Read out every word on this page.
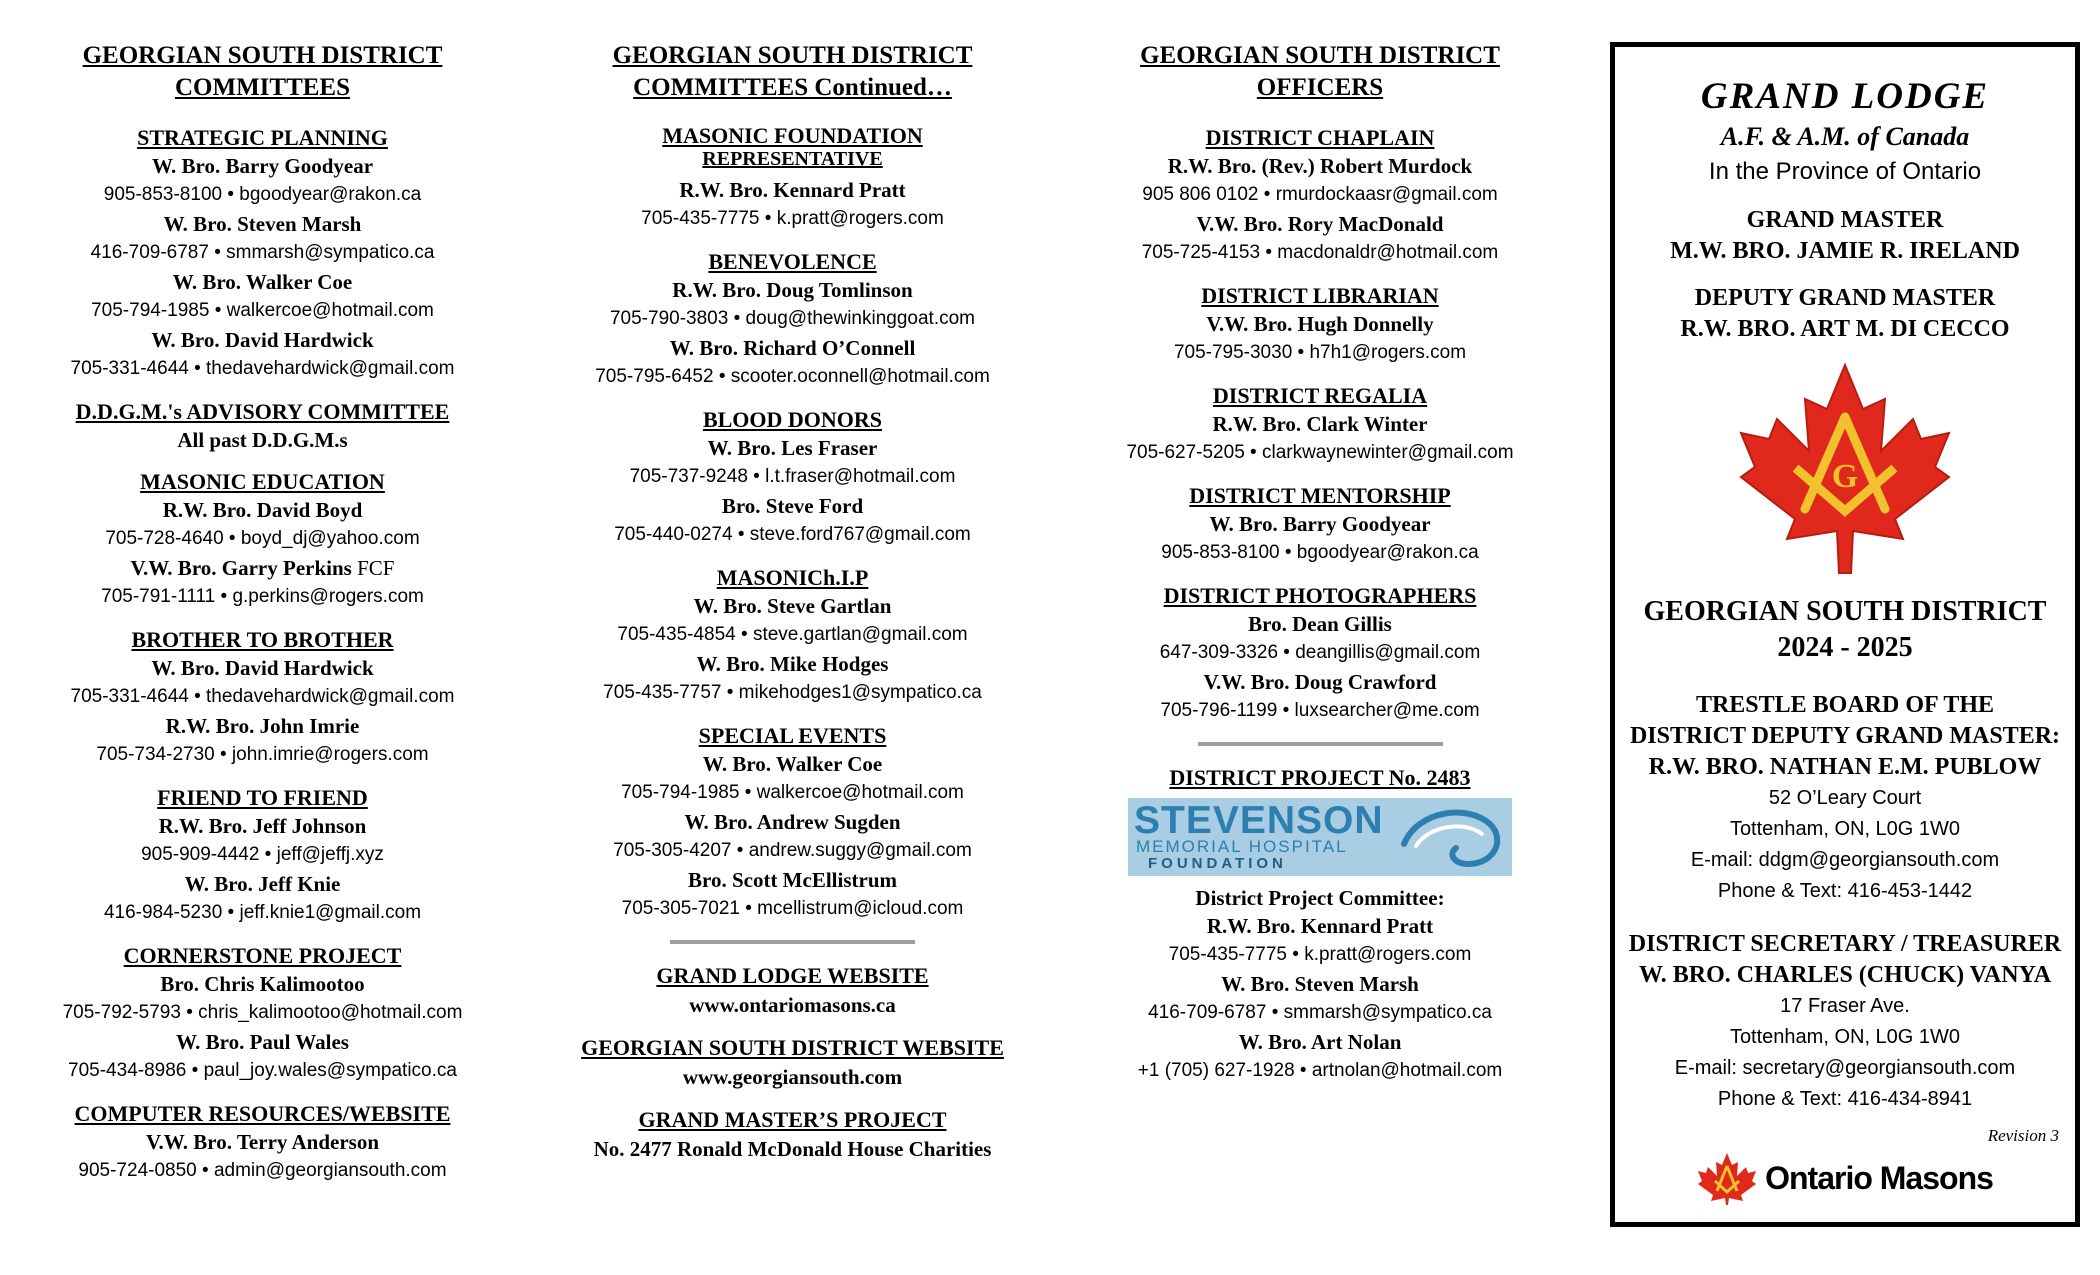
GEORGIAN SOUTH DISTRICT
COMMITTEES
STRATEGIC PLANNING
W. Bro. Barry Goodyear
905-853-8100 • bgoodyear@rakon.ca
W. Bro. Steven Marsh
416-709-6787 • smmarsh@sympatico.ca
W. Bro. Walker Coe
705-794-1985 • walkercoe@hotmail.com
W. Bro. David Hardwick
705-331-4644 • thedavehardwick@gmail.com
D.D.G.M.'s ADVISORY COMMITTEE
All past D.D.G.M.s
MASONIC EDUCATION
R.W. Bro. David Boyd
705-728-4640 • boyd_dj@yahoo.com
V.W. Bro. Garry Perkins FCF
705-791-1111 • g.perkins@rogers.com
BROTHER TO BROTHER
W. Bro. David Hardwick
705-331-4644 • thedavehardwick@gmail.com
R.W. Bro. John Imrie
705-734-2730 • john.imrie@rogers.com
FRIEND TO FRIEND
R.W. Bro. Jeff Johnson
905-909-4442 • jeff@jeffj.xyz
W. Bro. Jeff Knie
416-984-5230 • jeff.knie1@gmail.com
CORNERSTONE PROJECT
Bro. Chris Kalimootoo
705-792-5793 • chris_kalimootoo@hotmail.com
W. Bro. Paul Wales
705-434-8986 • paul_joy.wales@sympatico.ca
COMPUTER RESOURCES/WEBSITE
V.W. Bro. Terry Anderson
905-724-0850 • admin@georgiansouth.com
GEORGIAN SOUTH DISTRICT
COMMITTEES Continued…
MASONIC FOUNDATION
REPRESENTATIVE
R.W. Bro. Kennard Pratt
705-435-7775 • k.pratt@rogers.com
BENEVOLENCE
R.W. Bro. Doug Tomlinson
705-790-3803 • doug@thewinkinggoat.com
W. Bro. Richard O’Connell
705-795-6452 • scooter.oconnell@hotmail.com
BLOOD DONORS
W. Bro. Les Fraser
705-737-9248 • l.t.fraser@hotmail.com
Bro. Steve Ford
705-440-0274 • steve.ford767@gmail.com
MASONICh.I.P
W. Bro. Steve Gartlan
705-435-4854 • steve.gartlan@gmail.com
W. Bro. Mike Hodges
705-435-7757 • mikehodges1@sympatico.ca
SPECIAL EVENTS
W. Bro. Walker Coe
705-794-1985 • walkercoe@hotmail.com
W. Bro. Andrew Sugden
705-305-4207 • andrew.suggy@gmail.com
Bro. Scott McEllistrum
705-305-7021 • mcellistrum@icloud.com
GRAND LODGE WEBSITE
www.ontariomasons.ca
GEORGIAN SOUTH DISTRICT WEBSITE
www.georgiansouth.com
GRAND MASTER’S PROJECT
No. 2477 Ronald McDonald House Charities
GEORGIAN SOUTH DISTRICT
OFFICERS
DISTRICT CHAPLAIN
R.W. Bro. (Rev.) Robert Murdock
905 806 0102 • rmurdockaasr@gmail.com
V.W. Bro. Rory MacDonald
705-725-4153 • macdonaldr@hotmail.com
DISTRICT LIBRARIAN
V.W. Bro. Hugh Donnelly
705-795-3030 • h7h1@rogers.com
DISTRICT REGALIA
R.W. Bro. Clark Winter
705-627-5205 • clarkwaynewinter@gmail.com
DISTRICT MENTORSHIP
W. Bro. Barry Goodyear
905-853-8100 • bgoodyear@rakon.ca
DISTRICT PHOTOGRAPHERS
Bro. Dean Gillis
647-309-3326 • deangillis@gmail.com
V.W. Bro. Doug Crawford
705-796-1199 • luxsearcher@me.com
DISTRICT PROJECT No. 2483
STEVENSON
MEMORIAL HOSPITAL
FOUNDATION
District Project Committee:
R.W. Bro. Kennard Pratt
705-435-7775 • k.pratt@rogers.com
W. Bro. Steven Marsh
416-709-6787 • smmarsh@sympatico.ca
W. Bro. Art Nolan
+1 (705) 627-1928 • artnolan@hotmail.com
GRAND LODGE
A.F. & A.M. of Canada
In the Province of Ontario
GRAND MASTER
M.W. BRO. JAMIE R. IRELAND
DEPUTY GRAND MASTER
R.W. BRO. ART M. DI CECCO
G
GEORGIAN SOUTH DISTRICT
2024 - 2025
TRESTLE BOARD OF THE
DISTRICT DEPUTY GRAND MASTER:
R.W. BRO. NATHAN E.M. PUBLOW
52 O’Leary Court
Tottenham, ON, L0G 1W0
E-mail: ddgm@georgiansouth.com
Phone & Text: 416-453-1442
DISTRICT SECRETARY / TREASURER
W. BRO. CHARLES (CHUCK) VANYA
17 Fraser Ave.
Tottenham, ON, L0G 1W0
E-mail: secretary@georgiansouth.com
Phone & Text: 416-434-8941
Revision 3
Ontario Masons
